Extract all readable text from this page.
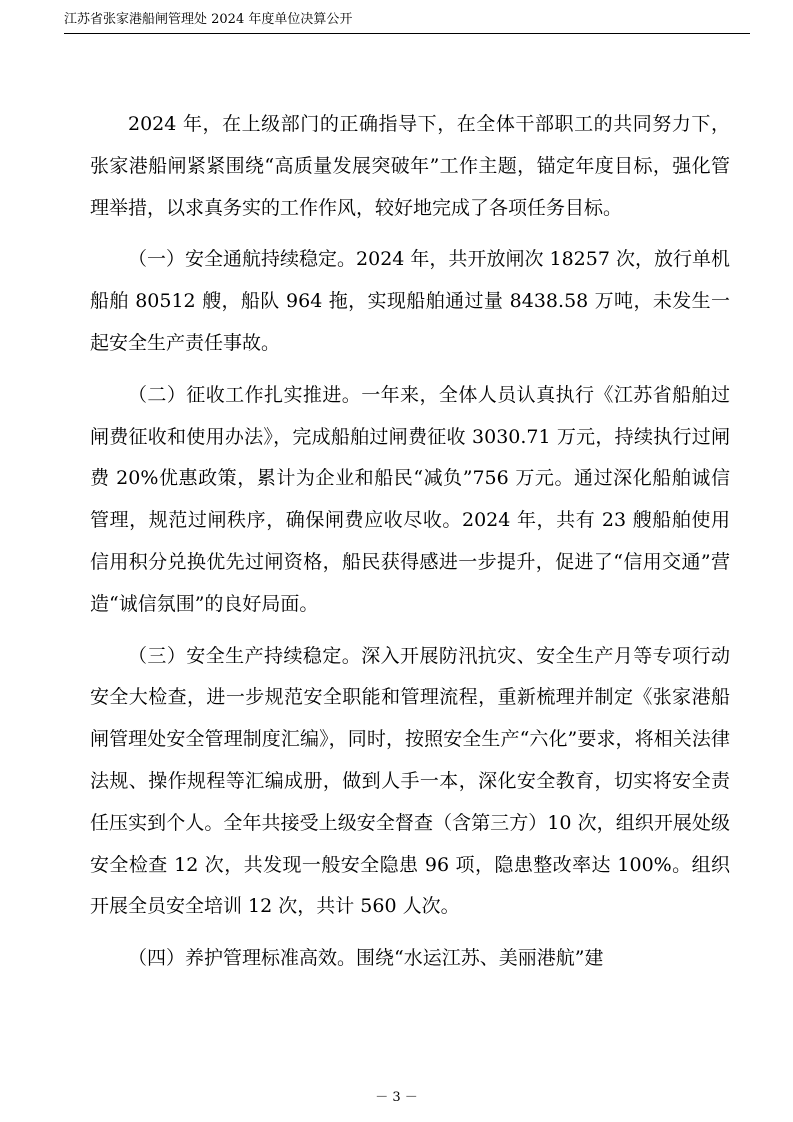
江苏省张家港船闸管理处 2024 年度单位决算公开

2024 年，在上级部门的正确指导下，在全体干部职工的共同努力下，张家港船闸紧紧围绕“高质量发展突破年”工作主题，锚定年度目标，强化管理举措，以求真务实的工作作风，较好地完成了各项任务目标。

（一）安全通航持续稳定。2024 年，共开放闸次 18257 次，放行单机船舶 80512 艘，船队 964 拖，实现船舶通过量 8438.58 万吨，未发生一起安全生产责任事故。

（二）征收工作扎实推进。一年来，全体人员认真执行《江苏省船舶过闸费征收和使用办法》，完成船舶过闸费征收 3030.71 万元，持续执行过闸费 20%优惠政策，累计为企业和船民“减负”756 万元。通过深化船舶诚信管理，规范过闸秩序，确保闸费应收尽收。2024 年，共有 23 艘船舶使用信用积分兑换优先过闸资格，船民获得感进一步提升，促进了“信用交通”营造“诚信氛围”的良好局面。

（三）安全生产持续稳定。深入开展防汛抗灾、安全生产月等专项行动安全大检查，进一步规范安全职能和管理流程，重新梳理并制定《张家港船闸管理处安全管理制度汇编》，同时，按照安全生产“六化”要求，将相关法律法规、操作规程等汇编成册，做到人手一本，深化安全教育，切实将安全责任压实到个人。全年共接受上级安全督查（含第三方）10 次，组织开展处级安全检查 12 次，共发现一般安全隐患 96 项，隐患整改率达 100%。组织开展全员安全培训 12 次，共计 560 人次。

（四）养护管理标准高效。围绕“水运江苏、美丽港航”建

－ 3 －
